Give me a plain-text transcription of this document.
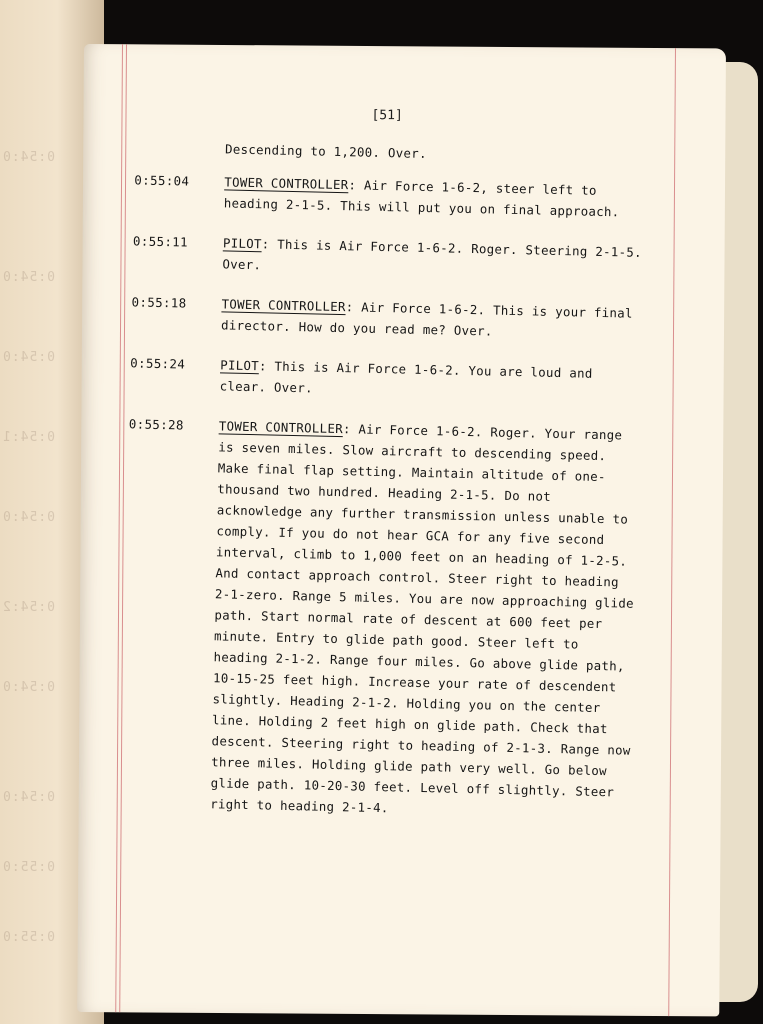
0:54:0
0:54:0
0:54:0
0:54:1
0:54:0
0:54:2
0:54:0
0:54:0
0:55:0
0:55:0
[51]
Descending to 1,200. Over.
0:55:04	TOWER CONTROLLER: Air Force 1-6-2, steer left to heading 2-1-5. This will put you on final approach.
0:55:11	PILOT: This is Air Force 1-6-2. Roger. Steering 2-1-5. Over.
0:55:18	TOWER CONTROLLER: Air Force 1-6-2. This is your final director. How do you read me? Over.
0:55:24	PILOT: This is Air Force 1-6-2. You are loud and clear. Over.
0:55:28	TOWER CONTROLLER: Air Force 1-6-2. Roger. Your range is seven miles. Slow aircraft to descending speed. Make final flap setting. Maintain altitude of one-thousand two hundred. Heading 2-1-5. Do not acknowledge any further transmission unless unable to comply. If you do not hear GCA for any five second interval, climb to 1,000 feet on an heading of 1-2-5. And contact approach control. Steer right to heading 2-1-zero. Range 5 miles. You are now approaching glide path. Start normal rate of descent at 600 feet per minute. Entry to glide path good. Steer left to heading 2-1-2. Range four miles. Go above glide path, 10-15-25 feet high. Increase your rate of descendent slightly. Heading 2-1-2. Holding you on the center line. Holding 2 feet high on glide path. Check that descent. Steering right to heading of 2-1-3. Range now three miles. Holding glide path very well. Go below glide path. 10-20-30 feet. Level off slightly. Steer right to heading 2-1-4.
